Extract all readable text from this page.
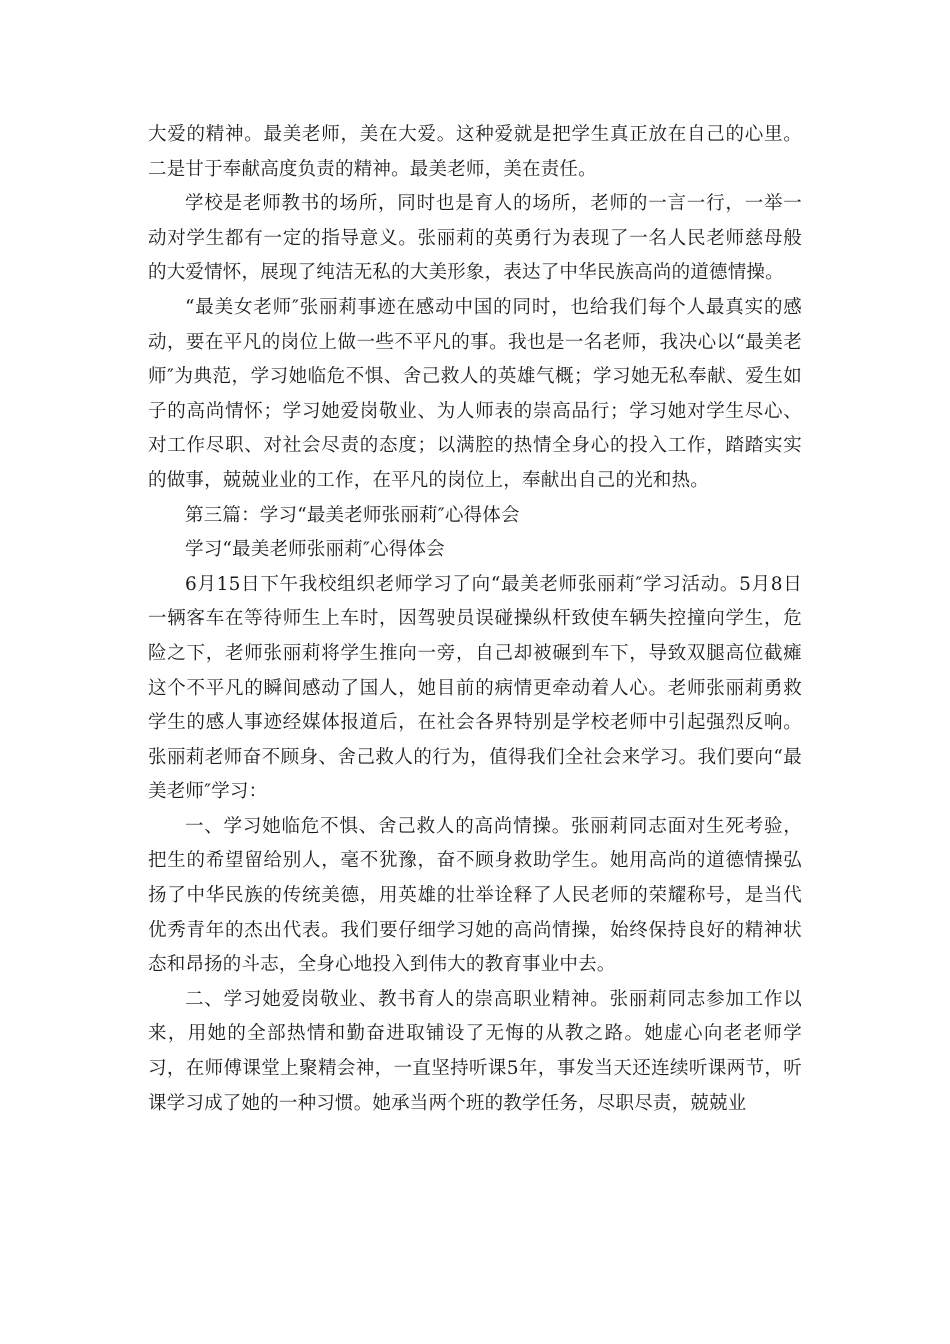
大爱的精神。最美老师，美在大爱。这种爱就是把学生真正放在自己的心里。二是甘于奉献高度负责的精神。最美老师，美在责任。

学校是老师教书的场所，同时也是育人的场所，老师的一言一行，一举一动对学生都有一定的指导意义。张丽莉的英勇行为表现了一名人民老师慈母般的大爱情怀，展现了纯洁无私的大美形象，表达了中华民族高尚的道德情操。

“最美女老师″张丽莉事迹在感动中国的同时，也给我们每个人最真实的感动，要在平凡的岗位上做一些不平凡的事。我也是一名老师，我决心以“最美老师″为典范，学习她临危不惧、舍己救人的英雄气概；学习她无私奉献、爱生如子的高尚情怀；学习她爱岗敬业、为人师表的崇高品行；学习她对学生尽心、对工作尽职、对社会尽责的态度；以满腔的热情全身心的投入工作，踏踏实实的做事，兢兢业业的工作，在平凡的岗位上，奉献出自己的光和热。

第三篇：学习“最美老师张丽莉″心得体会

学习“最美老师张丽莉″心得体会

6月15日下午我校组织老师学习了向“最美老师张丽莉″学习活动。5月8日一辆客车在等待师生上车时，因驾驶员误碰操纵杆致使车辆失控撞向学生，危险之下，老师张丽莉将学生推向一旁，自己却被碾到车下，导致双腿高位截瘫这个不平凡的瞬间感动了国人，她目前的病情更牵动着人心。老师张丽莉勇救学生的感人事迹经媒体报道后，在社会各界特别是学校老师中引起强烈反响。张丽莉老师奋不顾身、舍己救人的行为，值得我们全社会来学习。我们要向“最美老师″学习：

一、学习她临危不惧、舍己救人的高尚情操。张丽莉同志面对生死考验，把生的希望留给别人，毫不犹豫，奋不顾身救助学生。她用高尚的道德情操弘扬了中华民族的传统美德，用英雄的壮举诠释了人民老师的荣耀称号，是当代优秀青年的杰出代表。我们要仔细学习她的高尚情操，始终保持良好的精神状态和昂扬的斗志，全身心地投入到伟大的教育事业中去。

二、学习她爱岗敬业、教书育人的崇高职业精神。张丽莉同志参加工作以来，用她的全部热情和勤奋进取铺设了无悔的从教之路。她虚心向老老师学习，在师傅课堂上聚精会神，一直坚持听课5年，事发当天还连续听课两节，听课学习成了她的一种习惯。她承当两个班的教学任务，尽职尽责，兢兢业
